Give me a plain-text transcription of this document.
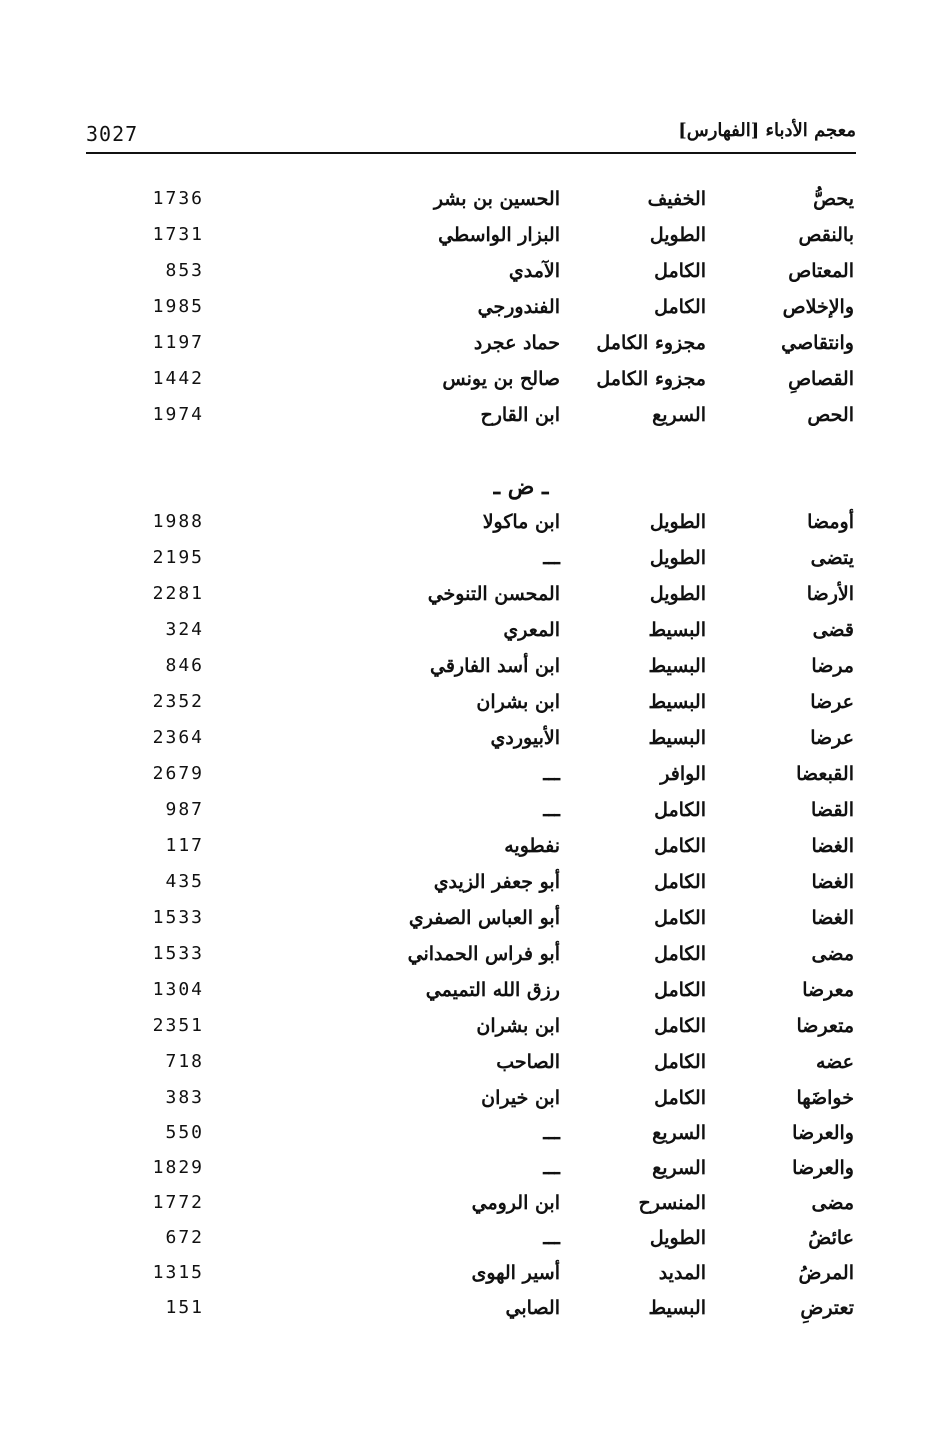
3027	معجم الأدباء [الفهارس]
يحصُّ
الخفيف
الحسين بن بشر
1736
بالنقص
الطويل
البزار الواسطي
1731
المعتاص
الكامل
الآمدي
853
والإخلاص
الكامل
الفندورجي
1985
وانتقاصي
مجزوء الكامل
حماد عجرد
1197
القصاصِ
مجزوء الكامل
صالح بن يونس
1442
الحص
السريع
ابن القارح
1974
ـ ض ـ
أومضا
الطويل
ابن ماكولا
1988
يتضى
الطويل
ـــ
2195
الأرضا
الطويل
المحسن التنوخي
2281
قضى
البسيط
المعري
324
مرضا
البسيط
ابن أسد الفارقي
846
عرضا
البسيط
ابن بشران
2352
عرضا
البسيط
الأبيوردي
2364
القبعضا
الوافر
ـــ
2679
القضا
الكامل
ـــ
987
الغضا
الكامل
نفطويه
117
الغضا
الكامل
أبو جعفر الزيدي
435
الغضا
الكامل
أبو العباس الصفري
1533
مضى
الكامل
أبو فراس الحمداني
1533
معرضا
الكامل
رزق الله التميمي
1304
متعرضا
الكامل
ابن بشران
2351
عضه
الكامل
الصاحب
718
خواضَها
الكامل
ابن خيران
383
والعرضا
السريع
ـــ
550
والعرضا
السريع
ـــ
1829
مضى
المنسرح
ابن الرومي
1772
عائضُ
الطويل
ـــ
672
المرضُ
المديد
أسير الهوى
1315
تعترضِ
البسيط
الصابي
151
